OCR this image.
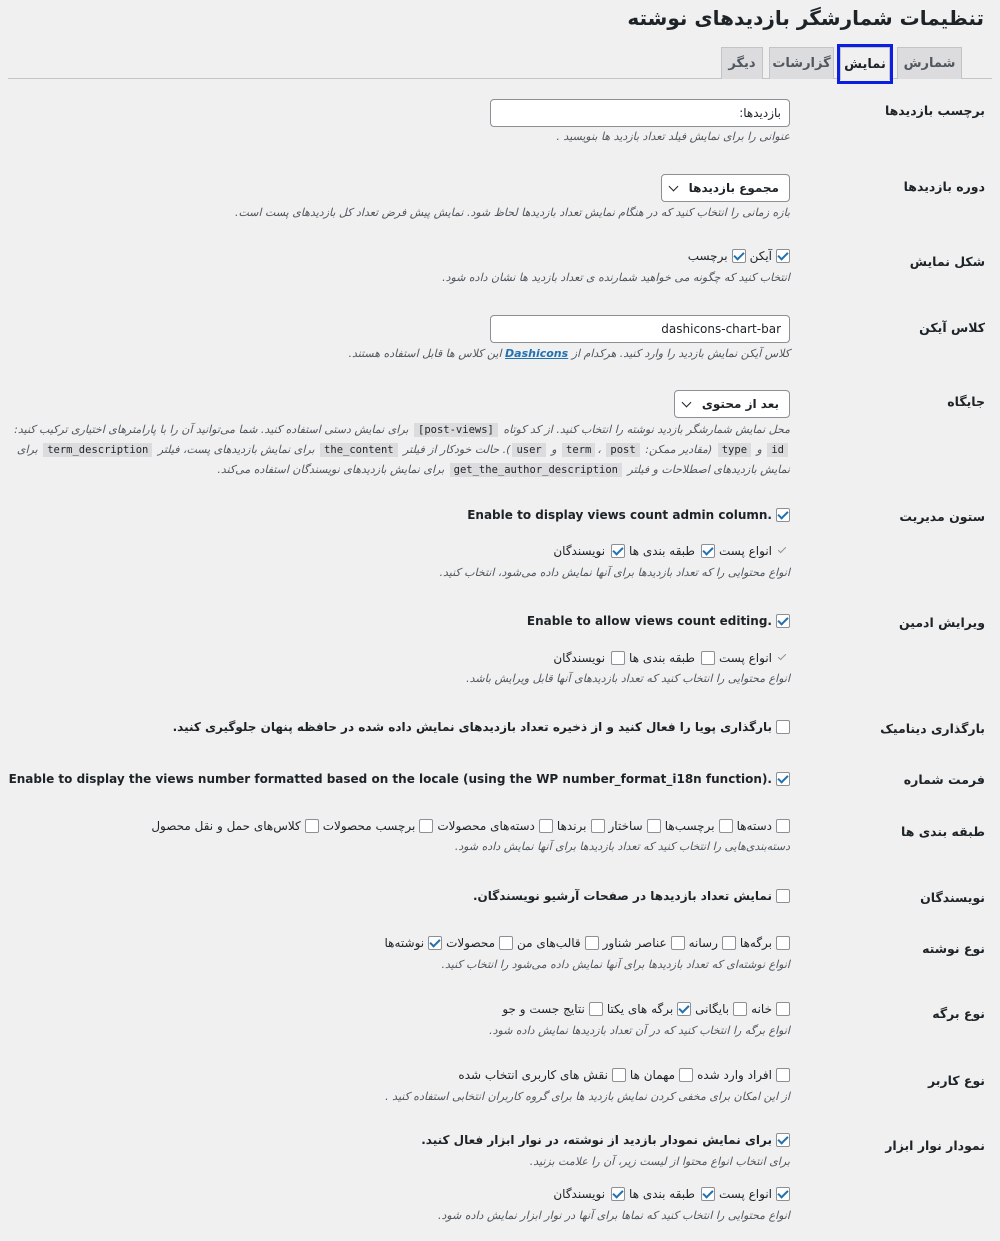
تنظیمات شمارشگر بازدیدهای نوشته
شمارش
نمایش
گزارشات
دیگر
برچسب بازدیدها
بازدیدها:
عنوانی را برای نمایش فیلد تعداد بازدید ها بنویسید .
دوره بازدیدها
مجموع بازدیدها
بازه زمانی را انتخاب کنید که در هنگام نمایش تعداد بازدیدها لحاظ شود. نمایش پیش فرض تعداد کل بازدیدهای پست است.
شکل نمایش
آیکن
برچسب
انتخاب کنید که چگونه می خواهید شمارنده ی تعداد بازدید ها نشان داده شود.
کلاس آیکن
dashicons-chart-bar
کلاس آیکن نمایش بازدید را وارد کنید. هرکدام از Dashicons این کلاس ها قابل استفاده هستند.
جایگاه
بعد از محتوی
محل نمایش شمارشگر بازدید نوشته را انتخاب کنید. از کد کوتاه [post-views] برای نمایش دستی استفاده کنید. شما می‌توانید آن را با پارامترهای اختیاری ترکیب کنید: id و type (مقادیر ممکن: term ، post و user). حالت خودکار از فیلتر the_content برای نمایش بازدیدهای پست، فیلتر term_description برای نمایش بازدیدهای اصطلاحات و فیلتر get_the_author_description برای نمایش بازدیدهای نویسندگان استفاده می‌کند.
ستون مدیریت
Enable to display views count admin column.
انواع پست
طبقه بندی ها
نویسندگان
انواع محتوایی را که تعداد بازدیدها برای آنها نمایش داده می‌شود، انتخاب کنید.
ویرایش ادمین
Enable to allow views count editing.
انواع پست
طبقه بندی ها
نویسندگان
انواع محتوایی را انتخاب کنید که تعداد بازدیدهای آنها قابل ویرایش باشد.
بارگذاری دینامیک
بارگذاری پویا را فعال کنید و از ذخیره تعداد بازدیدهای نمایش داده شده در حافظه پنهان جلوگیری کنید.
فرمت شماره
Enable to display the views number formatted based on the locale (using the WP number_format_i18n function).
طبقه بندی ها
دسته‌ها
برچسب‌ها
ساختار
برندها
دسته‌های محصولات
برچسب محصولات
کلاس‌های حمل و نقل محصول
دسته‌بندی‌هایی را انتخاب کنید که تعداد بازدیدها برای آنها نمایش داده شود.
نویسندگان
نمایش تعداد بازدیدها در صفحات آرشیو نویسندگان.
نوع نوشته
برگه‌ها
رسانه
عناصر شناور
قالب‌های من
محصولات
نوشته‌ها
انواع نوشته‌ای که تعداد بازدیدها برای آنها نمایش داده می‌شود را انتخاب کنید.
نوع برگه
خانه
بایگانی
برگه های یکتا
نتایج جست و جو
انواع برگه را انتخاب کنید که در آن تعداد بازدیدها نمایش داده شود.
نوع کاربر
افراد وارد شده
مهمان ها
نقش های کاربری انتخاب شده
از این امکان برای مخفی کردن نمایش بازدید ها برای گروه کاربران انتخابی استفاده کنید .
نمودار نوار ابزار
برای نمایش نمودار بازدید از نوشته، در نوار ابزار فعال کنید.
برای انتخاب انواع محتوا از لیست زیر، آن را علامت بزنید.
انواع پست
طبقه بندی ها
نویسندگان
انواع محتوایی را انتخاب کنید که نماها برای آنها در نوار ابزار نمایش داده شود.
